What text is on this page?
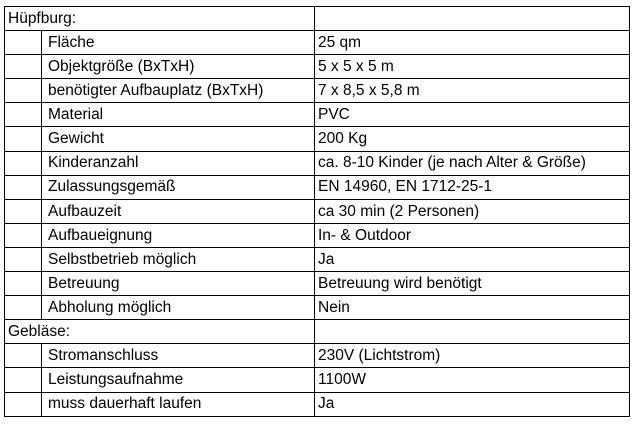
Hüpfburg:	

Fläche	25 qm

Objektgröße (BxTxH)	5 x 5 x 5 m

benötigter Aufbauplatz (BxTxH)	7 x 8,5 x 5,8 m

Material	PVC

Gewicht	200 Kg

Kinderanzahl	ca. 8-10 Kinder (je nach Alter & Größe)

Zulassungsgemäß	EN 14960, EN 1712-25-1

Aufbauzeit	ca 30 min (2 Personen)

Aufbaueignung	In- & Outdoor

Selbstbetrieb möglich	Ja

Betreuung	Betreuung wird benötigt

Abholung möglich	Nein
Gebläse:	

Stromanschluss	230V (Lichtstrom)

Leistungsaufnahme	1100W

muss dauerhaft laufen	Ja
